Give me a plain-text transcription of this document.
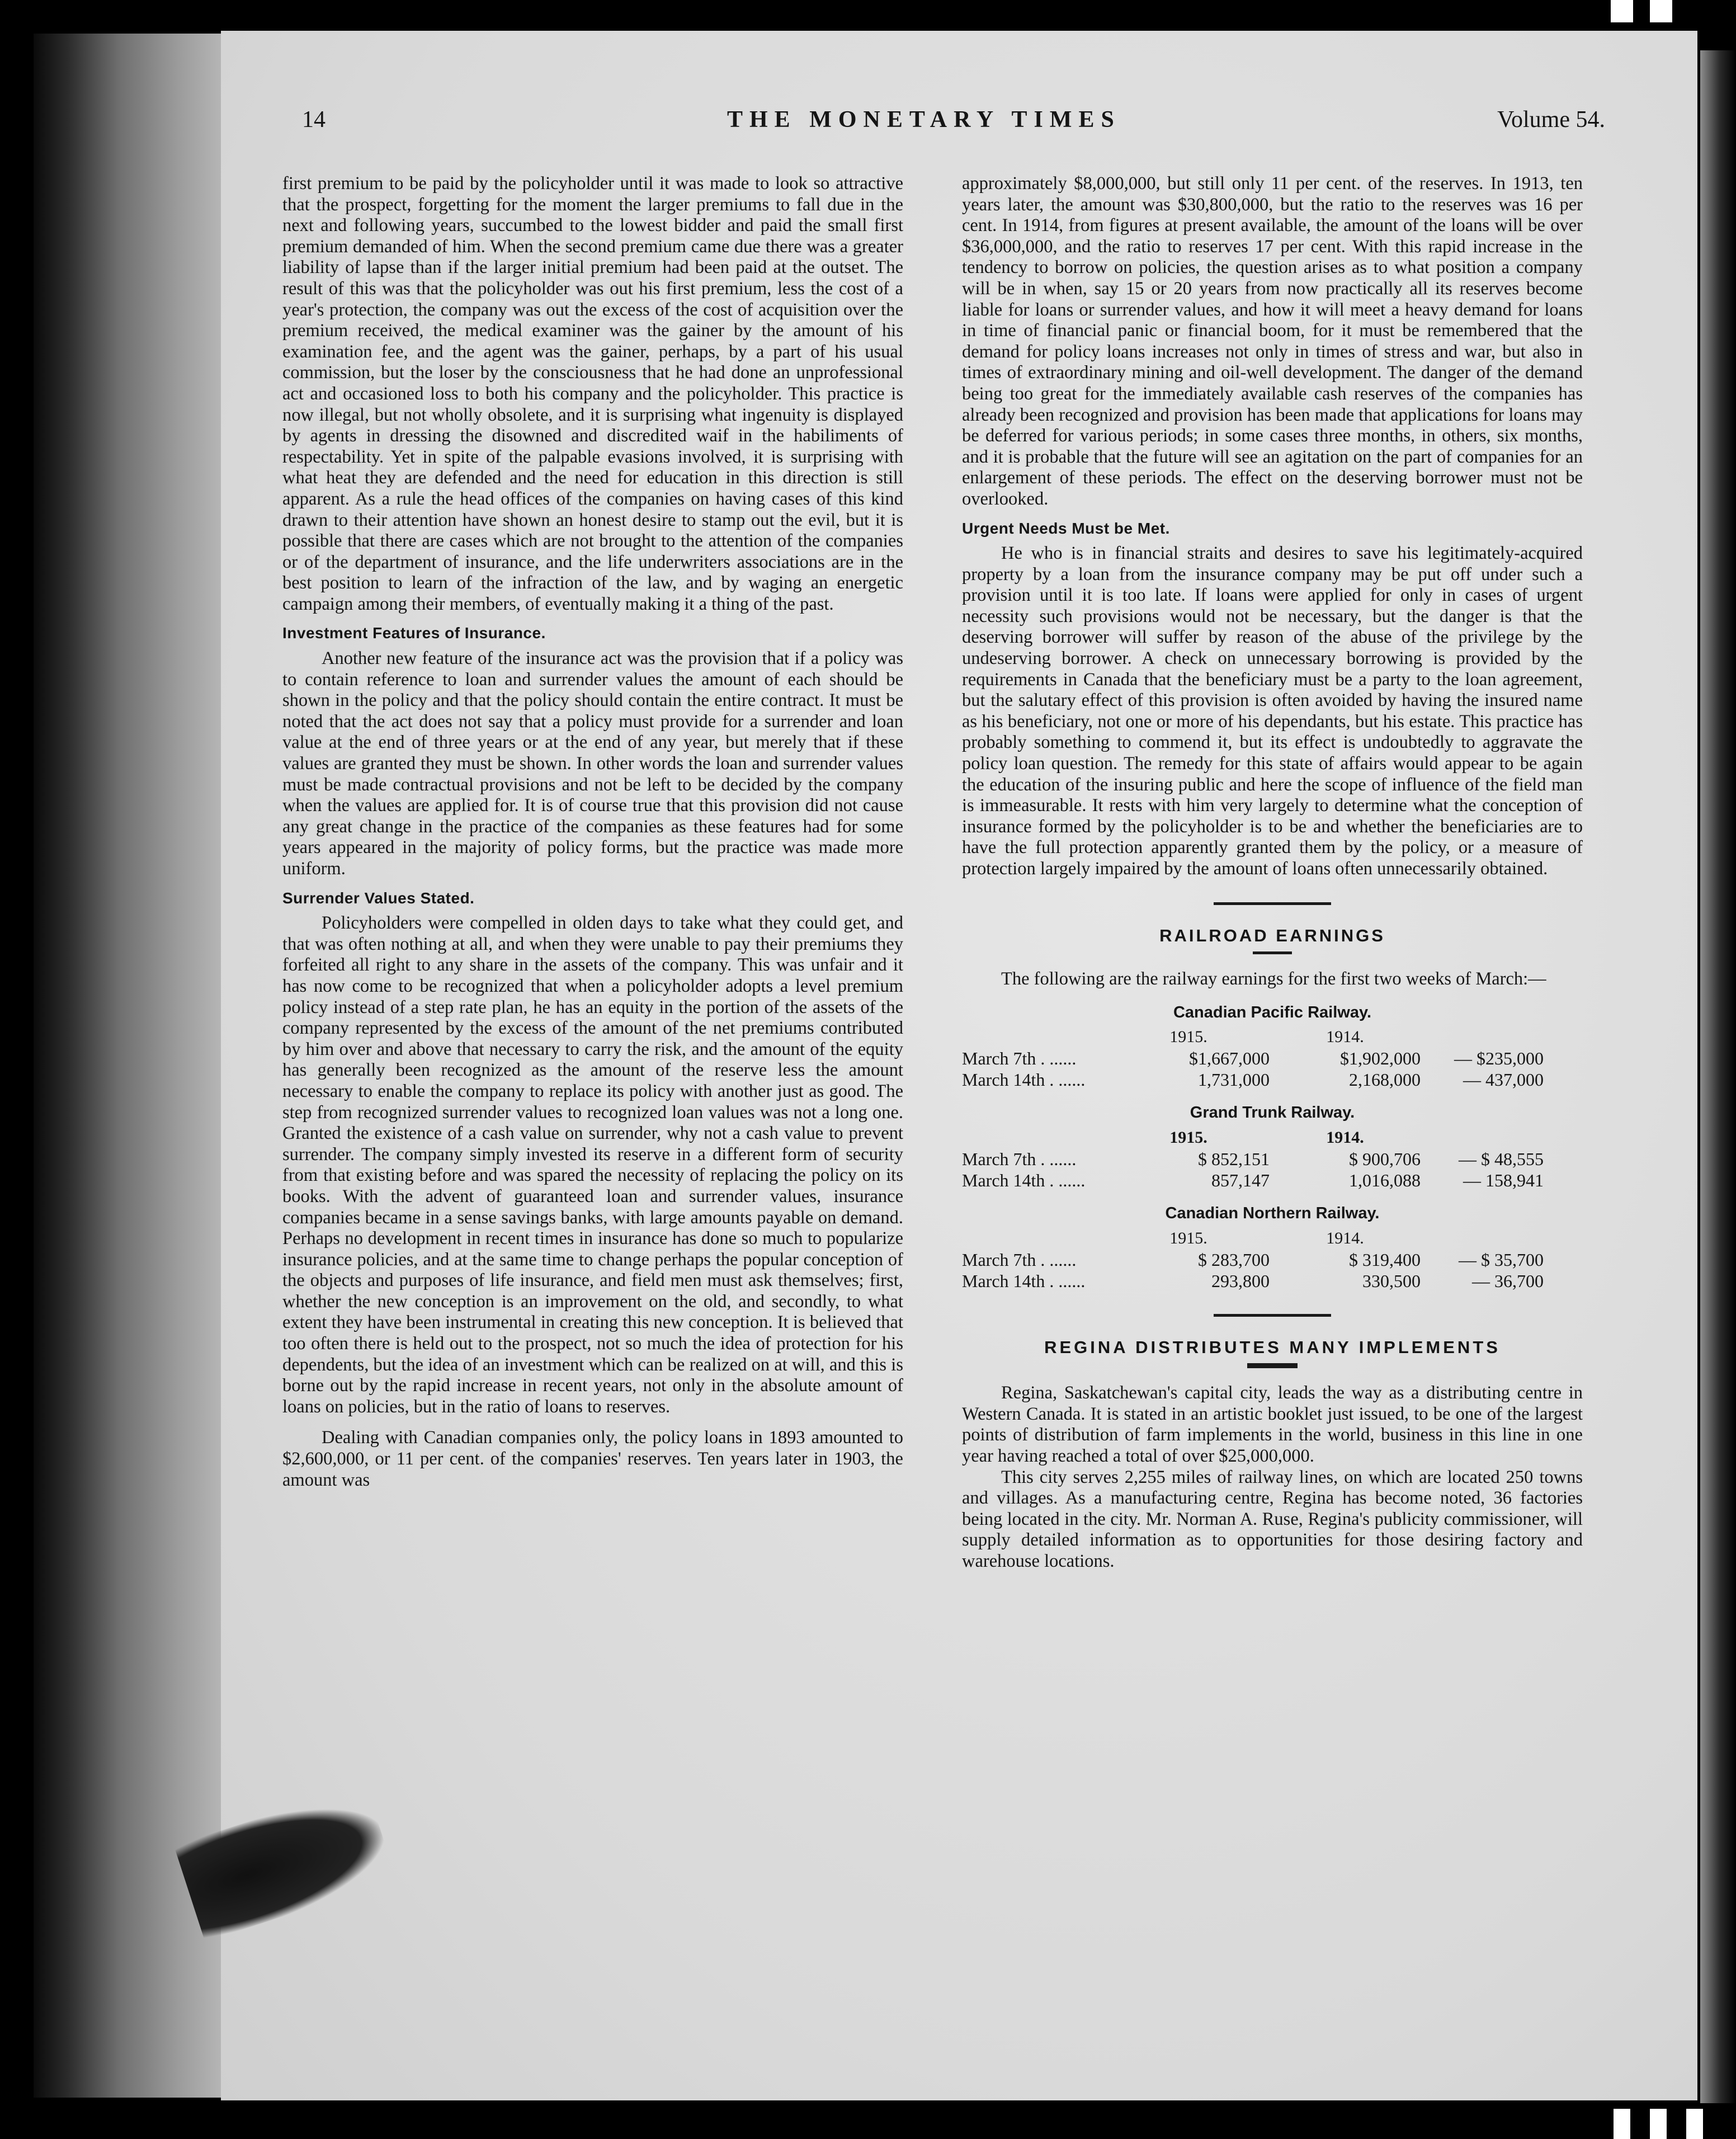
14	THE MONETARY TIMES	Volume 54.

first premium to be paid by the policyholder until it was made to look so attractive that the prospect, forgetting for the moment the larger premiums to fall due in the next and following years, succumbed to the lowest bidder and paid the small first premium demanded of him. When the second premium came due there was a greater liability of lapse than if the larger initial premium had been paid at the outset. The result of this was that the policyholder was out his first premium, less the cost of a year's protection, the company was out the excess of the cost of acquisition over the premium received, the medical examiner was the gainer by the amount of his examination fee, and the agent was the gainer, perhaps, by a part of his usual commission, but the loser by the consciousness that he had done an unprofessional act and occasioned loss to both his company and the policyholder. This practice is now illegal, but not wholly obsolete, and it is surprising what ingenuity is displayed by agents in dressing the disowned and discredited waif in the habiliments of respectability. Yet in spite of the palpable evasions involved, it is surprising with what heat they are defended and the need for education in this direction is still apparent. As a rule the head offices of the companies on having cases of this kind drawn to their attention have shown an honest desire to stamp out the evil, but it is possible that there are cases which are not brought to the attention of the companies or of the department of insurance, and the life underwriters associations are in the best position to learn of the infraction of the law, and by waging an energetic campaign among their members, of eventually making it a thing of the past.

Investment Features of Insurance.

Another new feature of the insurance act was the provision that if a policy was to contain reference to loan and surrender values the amount of each should be shown in the policy and that the policy should contain the entire contract. It must be noted that the act does not say that a policy must provide for a surrender and loan value at the end of three years or at the end of any year, but merely that if these values are granted they must be shown. In other words the loan and surrender values must be made contractual provisions and not be left to be decided by the company when the values are applied for. It is of course true that this provision did not cause any great change in the practice of the companies as these features had for some years appeared in the majority of policy forms, but the practice was made more uniform.

Surrender Values Stated.

Policyholders were compelled in olden days to take what they could get, and that was often nothing at all, and when they were unable to pay their premiums they forfeited all right to any share in the assets of the company. This was unfair and it has now come to be recognized that when a policyholder adopts a level premium policy instead of a step rate plan, he has an equity in the portion of the assets of the company represented by the excess of the amount of the net premiums contributed by him over and above that necessary to carry the risk, and the amount of the equity has generally been recognized as the amount of the reserve less the amount necessary to enable the company to replace its policy with another just as good. The step from recognized surrender values to recognized loan values was not a long one. Granted the existence of a cash value on surrender, why not a cash value to prevent surrender. The company simply invested its reserve in a different form of security from that existing before and was spared the necessity of replacing the policy on its books. With the advent of guaranteed loan and surrender values, insurance companies became in a sense savings banks, with large amounts payable on demand. Perhaps no development in recent times in insurance has done so much to popularize insurance policies, and at the same time to change perhaps the popular conception of the objects and purposes of life insurance, and field men must ask themselves; first, whether the new conception is an improvement on the old, and secondly, to what extent they have been instrumental in creating this new conception. It is believed that too often there is held out to the prospect, not so much the idea of protection for his dependents, but the idea of an investment which can be realized on at will, and this is borne out by the rapid increase in recent years, not only in the absolute amount of loans on policies, but in the ratio of loans to reserves.

Dealing with Canadian companies only, the policy loans in 1893 amounted to $2,600,000, or 11 per cent. of the companies' reserves. Ten years later in 1903, the amount was

approximately $8,000,000, but still only 11 per cent. of the reserves. In 1913, ten years later, the amount was $30,800,000, but the ratio to the reserves was 16 per cent. In 1914, from figures at present available, the amount of the loans will be over $36,000,000, and the ratio to reserves 17 per cent. With this rapid increase in the tendency to borrow on policies, the question arises as to what position a company will be in when, say 15 or 20 years from now practically all its reserves become liable for loans or surrender values, and how it will meet a heavy demand for loans in time of financial panic or financial boom, for it must be remembered that the demand for policy loans increases not only in times of stress and war, but also in times of extraordinary mining and oil-well development. The danger of the demand being too great for the immediately available cash reserves of the companies has already been recognized and provision has been made that applications for loans may be deferred for various periods; in some cases three months, in others, six months, and it is probable that the future will see an agitation on the part of companies for an enlargement of these periods. The effect on the deserving borrower must not be overlooked.

Urgent Needs Must be Met.

He who is in financial straits and desires to save his legitimately-acquired property by a loan from the insurance company may be put off under such a provision until it is too late. If loans were applied for only in cases of urgent necessity such provisions would not be necessary, but the danger is that the deserving borrower will suffer by reason of the abuse of the privilege by the undeserving borrower. A check on unnecessary borrowing is provided by the requirements in Canada that the beneficiary must be a party to the loan agreement, but the salutary effect of this provision is often avoided by having the insured name as his beneficiary, not one or more of his dependants, but his estate. This practice has probably something to commend it, but its effect is undoubtedly to aggravate the policy loan question. The remedy for this state of affairs would appear to be again the education of the insuring public and here the scope of influence of the field man is immeasurable. It rests with him very largely to determine what the conception of insurance formed by the policyholder is to be and whether the beneficiaries are to have the full protection apparently granted them by the policy, or a measure of protection largely impaired by the amount of loans often unnecessarily obtained.

RAILROAD EARNINGS

The following are the railway earnings for the first two weeks of March:—

Canadian Pacific Railway.
	1915.	1914.	
March 7th . ......	$1,667,000	$1,902,000	— $235,000
March 14th . ......	1,731,000	2,168,000	— 437,000
Grand Trunk Railway.
	1915.	1914.	
March 7th . ......	$ 852,151	$ 900,706	— $ 48,555
March 14th . ......	857,147	1,016,088	— 158,941
Canadian Northern Railway.
	1915.	1914.	
March 7th . ......	$ 283,700	$ 319,400	— $ 35,700
March 14th . ......	293,800	330,500	— 36,700
REGINA DISTRIBUTES MANY IMPLEMENTS

Regina, Saskatchewan's capital city, leads the way as a distributing centre in Western Canada. It is stated in an artistic booklet just issued, to be one of the largest points of distribution of farm implements in the world, business in this line in one year having reached a total of over $25,000,000.

This city serves 2,255 miles of railway lines, on which are located 250 towns and villages. As a manufacturing centre, Regina has become noted, 36 factories being located in the city. Mr. Norman A. Ruse, Regina's publicity commissioner, will supply detailed information as to opportunities for those desiring factory and warehouse locations.
